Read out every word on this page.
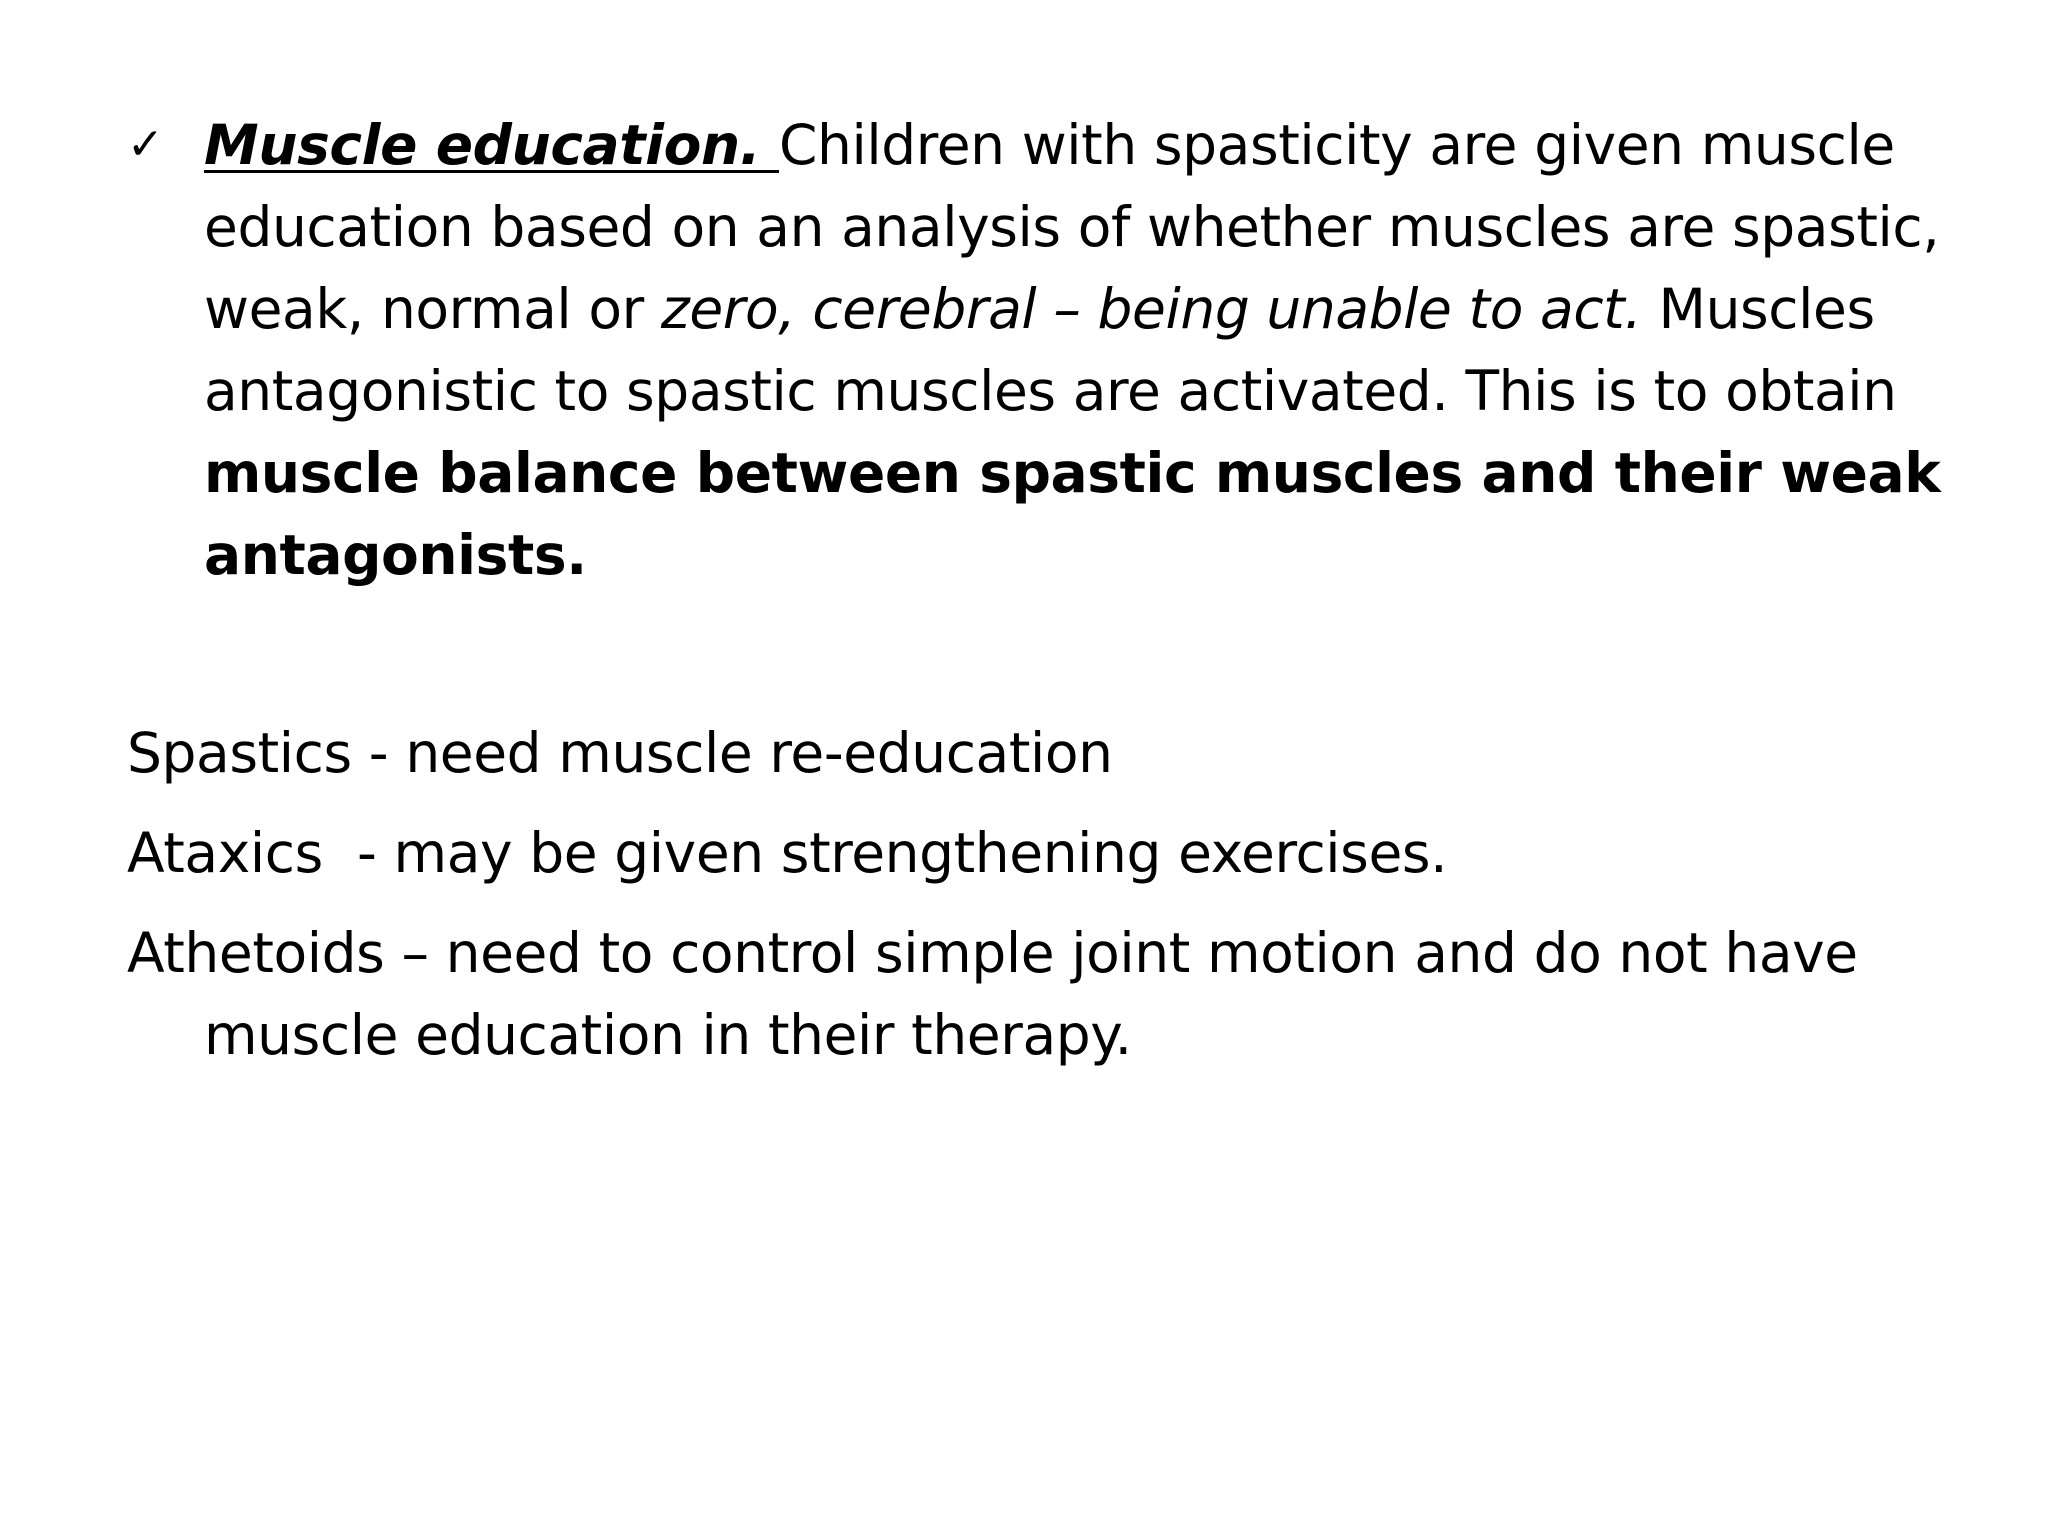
✓ Muscle education. Children with spasticity are given muscle education based on an analysis of whether muscles are spastic, weak, normal or zero, cerebral – being unable to act. Muscles antagonistic to spastic muscles are activated. This is to obtain muscle balance between spastic muscles and their weak antagonists.
Spastics - need muscle re-education
Ataxics  - may be given strengthening exercises.
Athetoids – need to control simple joint motion and do not have muscle education in their therapy.
